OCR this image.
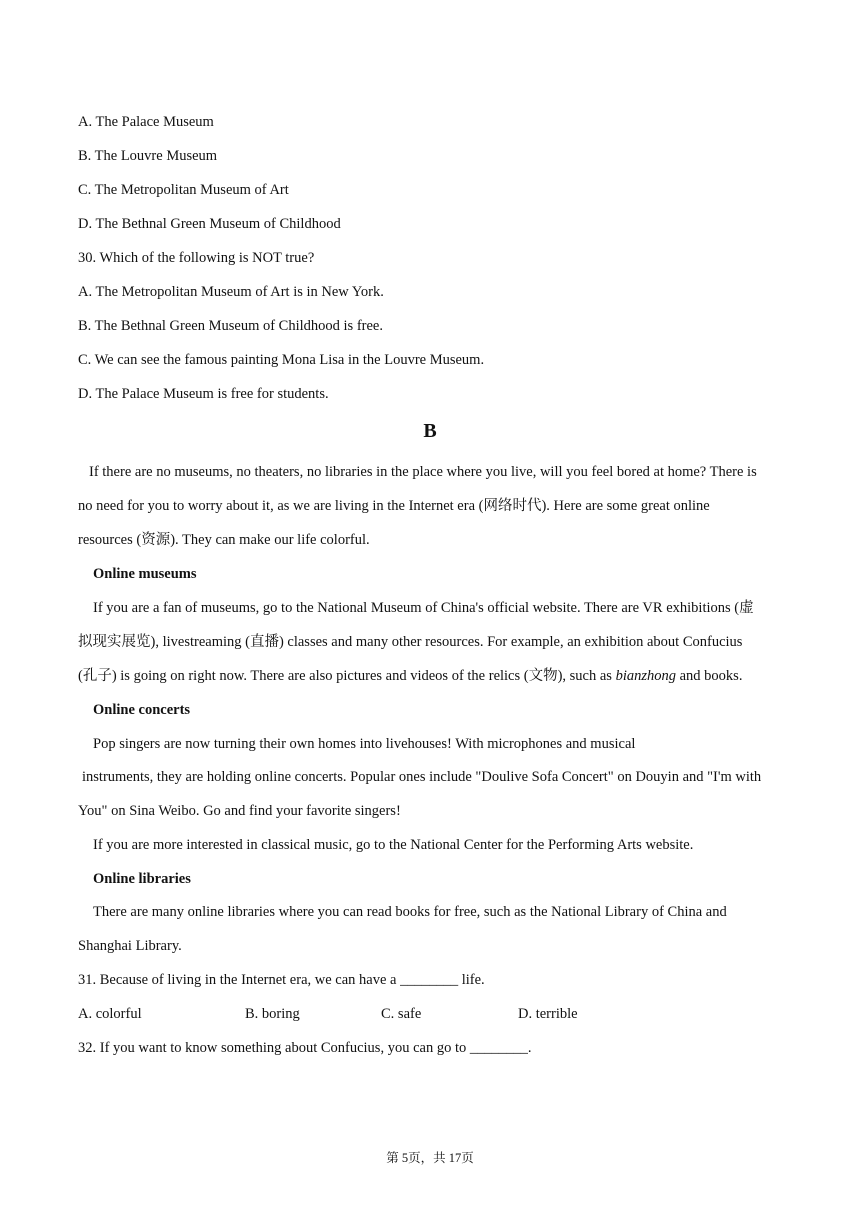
A. The Palace Museum
B. The Louvre Museum
C. The Metropolitan Museum of Art
D. The Bethnal Green Museum of Childhood
30. Which of the following is NOT true?
A. The Metropolitan Museum of Art is in New York.
B. The Bethnal Green Museum of Childhood is free.
C. We can see the famous painting Mona Lisa in the Louvre Museum.
D. The Palace Museum is free for students.
B
If there are no museums, no theaters, no libraries in the place where you live, will you feel bored at home? There is
no need for you to worry about it, as we are living in the Internet era (网络时代). Here are some great online
resources (资源). They can make our life colorful.
Online museums
If you are a fan of museums, go to the National Museum of China's official website. There are VR exhibitions (虚
拟现实展览), livestreaming (直播) classes and many other resources. For example, an exhibition about Confucius
(孔子) is going on right now. There are also pictures and videos of the relics (文物), such as bianzhong and books.
Online concerts
Pop singers are now turning their own homes into livehouses! With microphones and musical
instruments, they are holding online concerts. Popular ones include "Doulive Sofa Concert" on Douyin and "I'm with
You" on Sina Weibo. Go and find your favorite singers!
If you are more interested in classical music, go to the National Center for the Performing Arts website.
Online libraries
There are many online libraries where you can read books for free, such as the National Library of China and
Shanghai Library.
31. Because of living in the Internet era, we can have a ________ life.
A. colorful	B. boring	C. safe	D. terrible
32. If you want to know something about Confucius, you can go to ________.
第 5页，共 17页
